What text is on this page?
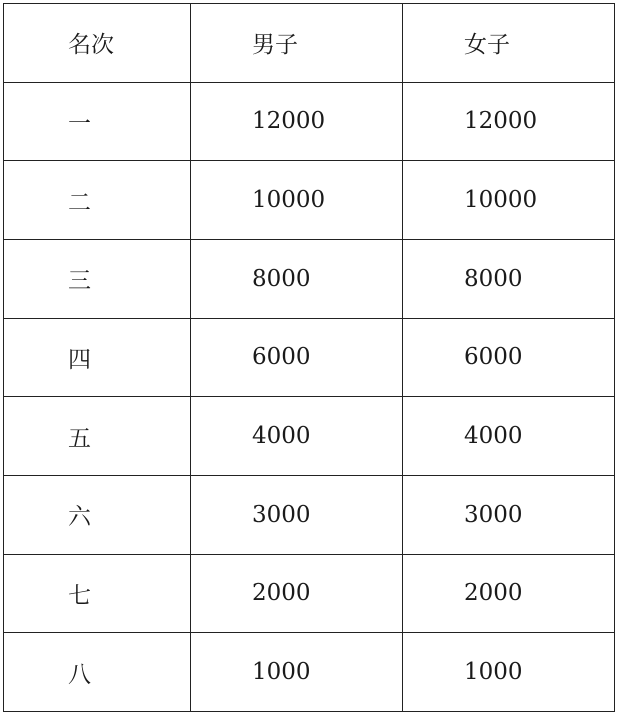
名次	男子	女子
一	12000	12000
二	10000	10000
三	8000	8000
四	6000	6000
五	4000	4000
六	3000	3000
七	2000	2000
八	1000	1000
